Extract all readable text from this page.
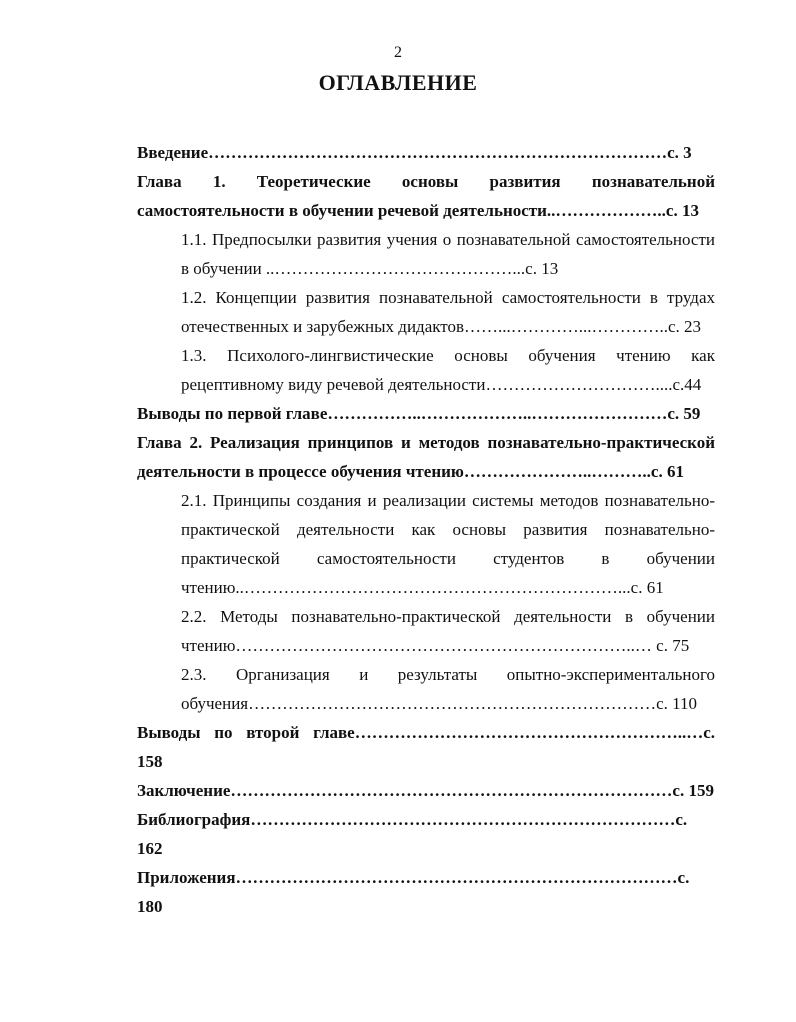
2
ОГЛАВЛЕНИЕ
Введение………………………………………………………………………с. 3
Глава 1. Теоретические основы развития познавательной самостоятельности в обучении речевой деятельности..………………..с. 13
1.1. Предпосылки развития учения о познавательной самостоятельности в обучении ..……………………………………...с. 13
1.2. Концепции развития познавательной самостоятельности в трудах отечественных и зарубежных дидактов……...…………...…………..с. 23
1.3. Психолого-лингвистические основы обучения чтению как рецептивному виду речевой деятельности…………………………....с.44
Выводы по первой главе……………..………………..……………………с. 59
Глава 2. Реализация принципов и методов познавательно-практической деятельности в процессе обучения чтению…………………..………..с. 61
2.1. Принципы создания и реализации системы методов познавательно-практической деятельности как основы развития познавательно-практической самостоятельности студентов в обучении чтению..…………………………………………………………...с. 61
2.2. Методы познавательно-практической деятельности в обучении чтению……………………………………………………………..… с. 75
2.3. Организация и результаты опытно-экспериментального обучения………………………………………………………………с. 110
Выводы по второй главе…………………………………………………..…с. 158
Заключение……………………………………………………………………с. 159
Библиография…………………………………………………………………с. 162
Приложения……………………………………………………………………с. 180
